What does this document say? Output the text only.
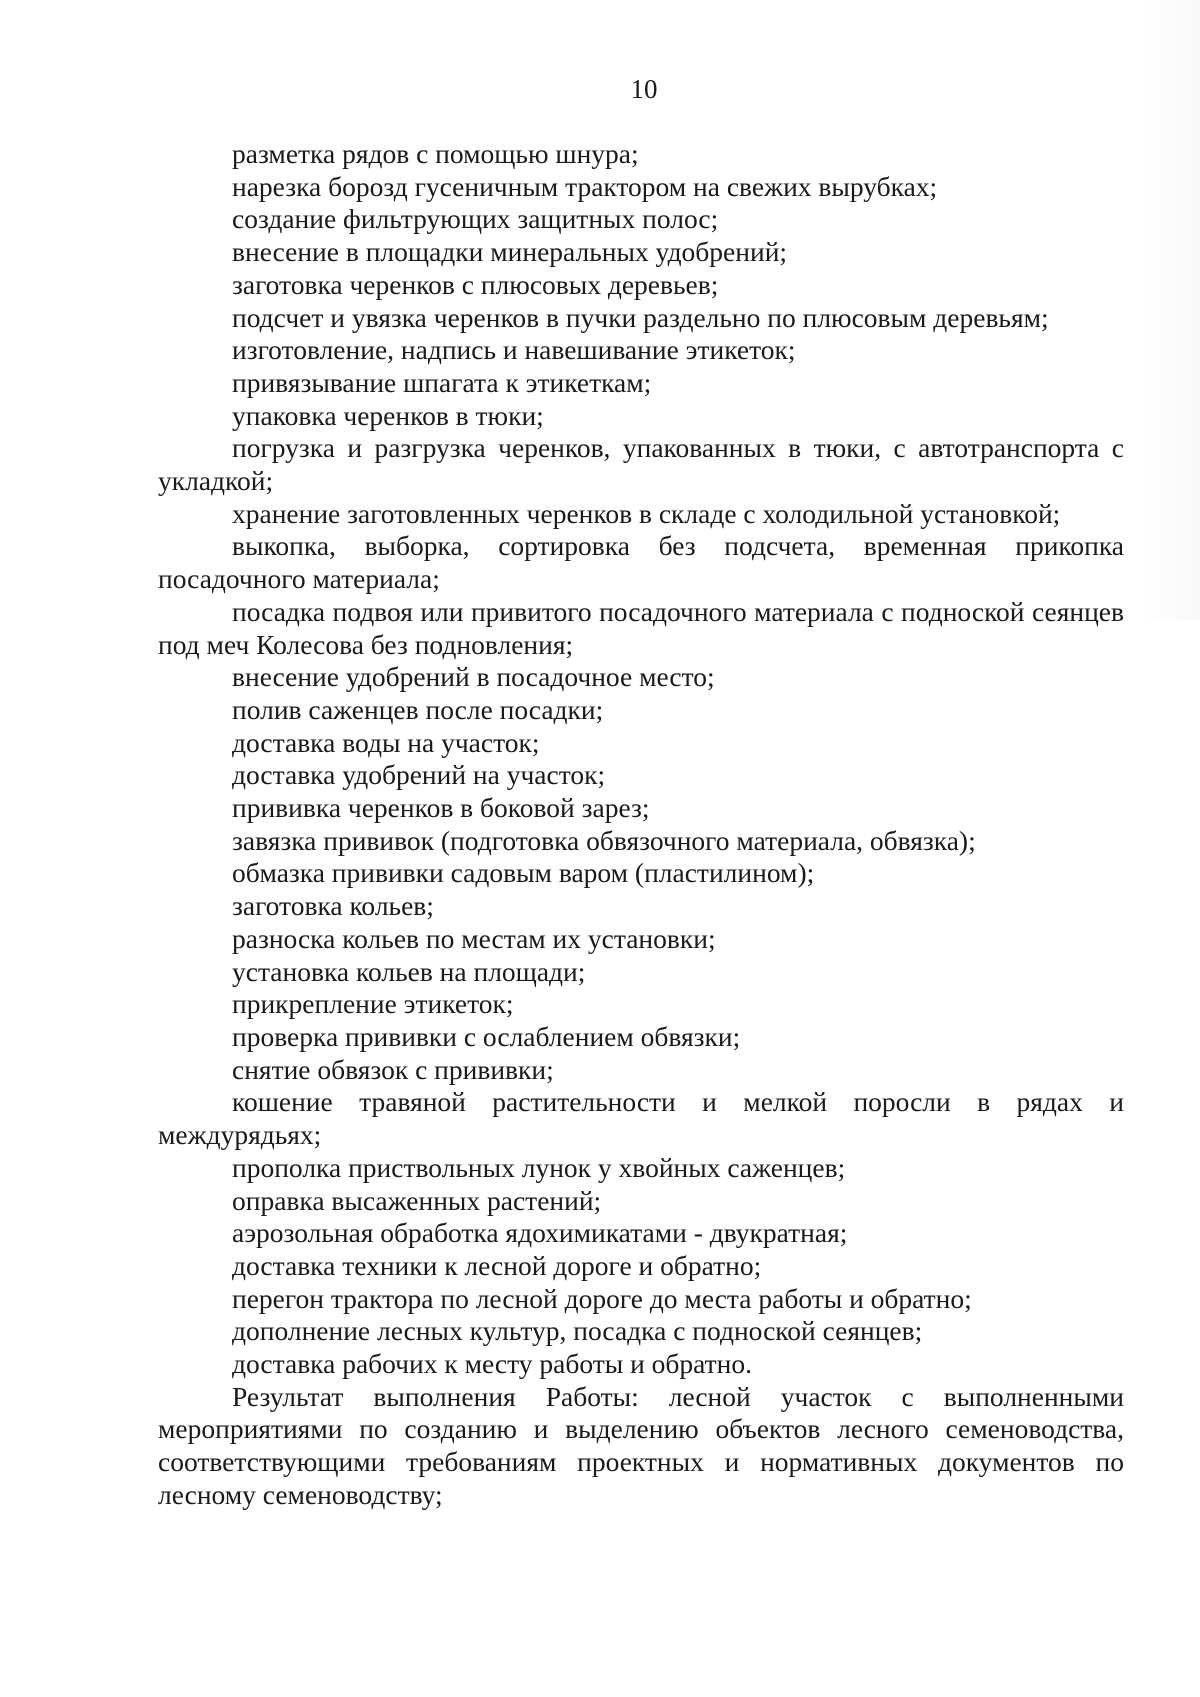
10

разметка рядов с помощью шнура;

нарезка борозд гусеничным трактором на свежих вырубках;

создание фильтрующих защитных полос;

внесение в площадки минеральных удобрений;

заготовка черенков с плюсовых деревьев;

подсчет и увязка черенков в пучки раздельно по плюсовым деревьям;

изготовление, надпись и навешивание этикеток;

привязывание шпагата к этикеткам;

упаковка черенков в тюки;

погрузка и разгрузка черенков, упакованных в тюки, с автотранспорта с укладкой;

хранение заготовленных черенков в складе с холодильной установкой;

выкопка, выборка, сортировка без подсчета, временная прикопка посадочного материала;

посадка подвоя или привитого посадочного материала с подноской сеянцев под меч Колесова без подновления;

внесение удобрений в посадочное место;

полив саженцев после посадки;

доставка воды на участок;

доставка удобрений на участок;

прививка черенков в боковой зарез;

завязка прививок (подготовка обвязочного материала, обвязка);

обмазка прививки садовым варом (пластилином);

заготовка кольев;

разноска кольев по местам их установки;

установка кольев на площади;

прикрепление этикеток;

проверка прививки с ослаблением обвязки;

снятие обвязок с прививки;

кошение травяной растительности и мелкой поросли в рядах и междурядьях;

прополка приствольных лунок у хвойных саженцев;

оправка высаженных растений;

аэрозольная обработка ядохимикатами - двукратная;

доставка техники к лесной дороге и обратно;

перегон трактора по лесной дороге до места работы и обратно;

дополнение лесных культур, посадка с подноской сеянцев;

доставка рабочих к месту работы и обратно.

Результат выполнения Работы: лесной участок с выполненными мероприятиями по созданию и выделению объектов лесного семеноводства, соответствующими требованиям проектных и нормативных документов по лесному семеноводству;
